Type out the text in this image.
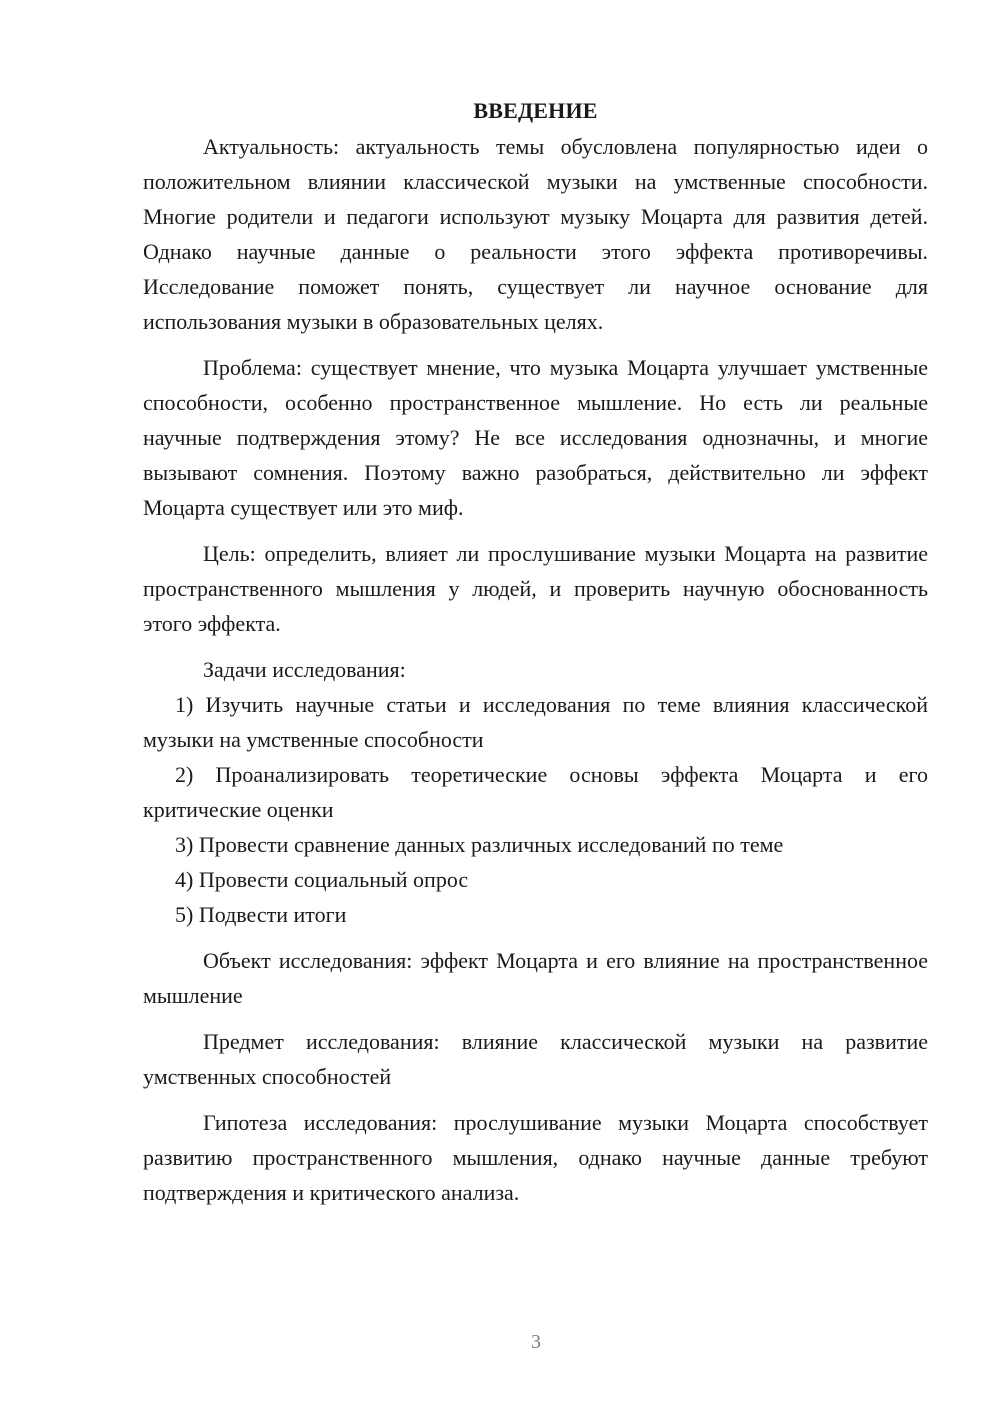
ВВЕДЕНИЕ

Актуальность: актуальность темы обусловлена популярностью идеи о положительном влиянии классической музыки на умственные способности. Многие родители и педагоги используют музыку Моцарта для развития детей. Однако научные данные о реальности этого эффекта противоречивы. Исследование поможет понять, существует ли научное основание для использования музыки в образовательных целях.

Проблема: существует мнение, что музыка Моцарта улучшает умственные способности, особенно пространственное мышление. Но есть ли реальные научные подтверждения этому? Не все исследования однозначны, и многие вызывают сомнения. Поэтому важно разобраться, действительно ли эффект Моцарта существует или это миф.

Цель: определить, влияет ли прослушивание музыки Моцарта на развитие пространственного мышления у людей, и проверить научную обоснованность этого эффекта.

Задачи исследования:

1) Изучить научные статьи и исследования по теме влияния классической музыки на умственные способности

2) Проанализировать теоретические основы эффекта Моцарта и его критические оценки

3) Провести сравнение данных различных исследований по теме

4) Провести социальный опрос

5) Подвести итоги

Объект исследования: эффект Моцарта и его влияние на пространственное мышление

Предмет исследования: влияние классической музыки на развитие умственных способностей

Гипотеза исследования: прослушивание музыки Моцарта способствует развитию пространственного мышления, однако научные данные требуют подтверждения и критического анализа.

3
